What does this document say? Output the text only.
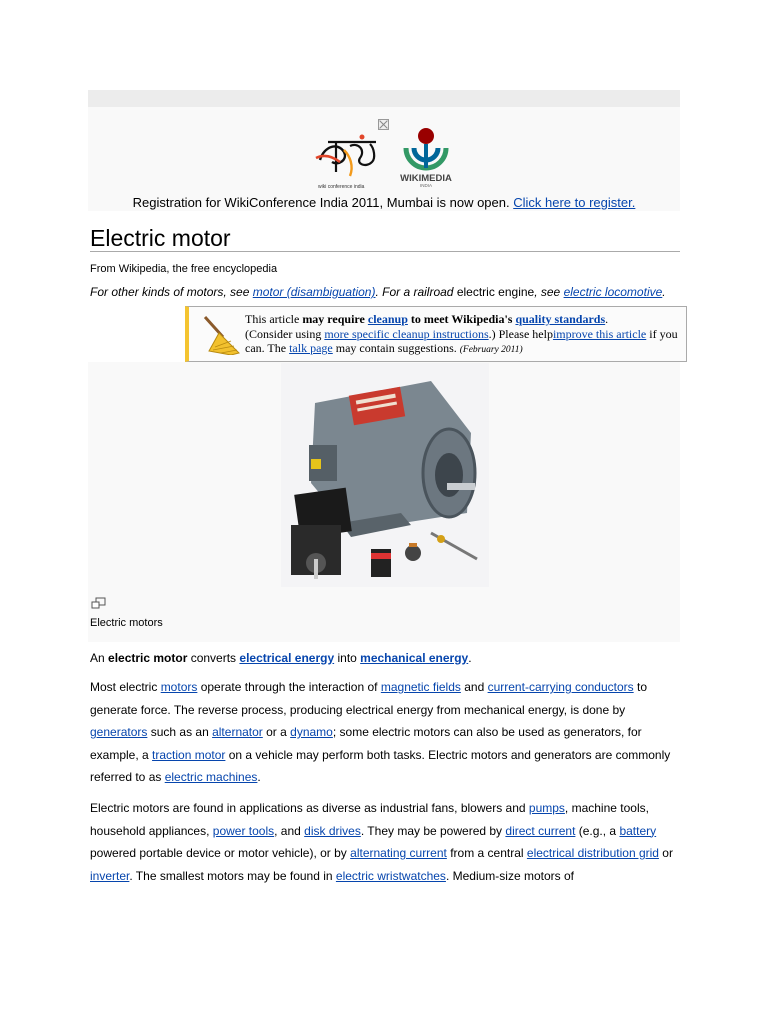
wiki conference india
WIKIMEDIA
INDIA
Registration for WikiConference India 2011, Mumbai is now open. Click here to register.
Electric motor
From Wikipedia, the free encyclopedia
For other kinds of motors, see motor (disambiguation). For a railroad electric engine, see electric locomotive.
This article may require cleanup to meet Wikipedia's quality standards.
(Consider using more specific cleanup instructions.) Please helpimprove this article if you can. The talk page may contain suggestions. (February 2011)
Electric motors

An electric motor converts electrical energy into mechanical energy.

Most electric motors operate through the interaction of magnetic fields and current-carrying conductors to generate force. The reverse process, producing electrical energy from mechanical energy, is done by generators such as an alternator or a dynamo; some electric motors can also be used as generators, for example, a traction motor on a vehicle may perform both tasks. Electric motors and generators are commonly referred to as electric machines.

Electric motors are found in applications as diverse as industrial fans, blowers and pumps, machine tools, household appliances, power tools, and disk drives. They may be powered by direct current (e.g., a battery powered portable device or motor vehicle), or by alternating current from a central electrical distribution grid or inverter. The smallest motors may be found in electric wristwatches. Medium-size motors of
